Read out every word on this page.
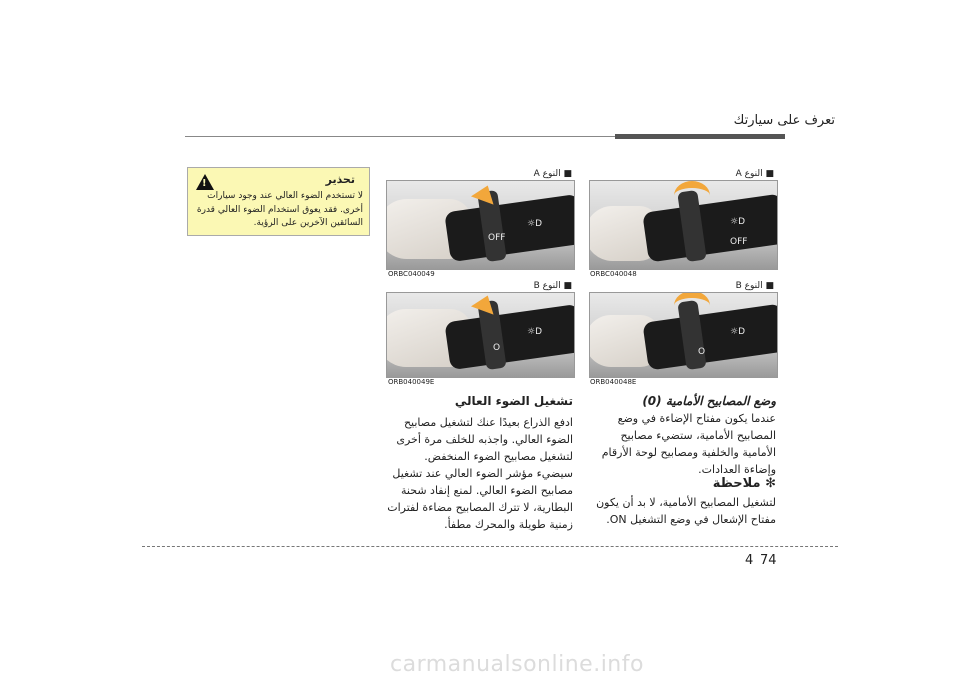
تعرف على سيارتك
!	تحذير
لا تستخدم الضوء العالي عند وجود سيارات أخرى. فقد يعوق استخدام الضوء العالي قدرة السائقين الآخرين على الرؤية.
■ النوع A
☼D
OFF
ORBC040049
■ النوع A
☼D
OFF
ORBC040048
■ النوع B
☼D
O
ORB040049E
■ النوع B
☼D
O
ORB040048E
تشغيل الضوء العالي
ادفع الذراع بعيدًا عنك لتشغيل مصابيح الضوء العالي. واجذبه للخلف مرة أخرى لتشغيل مصابيح الضوء المنخفض. سيضيء مؤشر الضوء العالي عند تشغيل مصابيح الضوء العالي. لمنع إنفاد شحنة البطارية، لا تترك المصابيح مضاءة لفترات زمنية طويلة والمحرك مطفأ.
وضع المصابيح الأمامية (0)
عندما يكون مفتاح الإضاءة في وضع المصابيح الأمامية، ستضيء مصابيح الأمامية والخلفية ومصابيح لوحة الأرقام وإضاءة العدادات.
✻ ملاحظة
لتشغيل المصابيح الأمامية، لا بد أن يكون مفتاح الإشعال في وضع التشغيل ON.
4 74
carmanualsonline.info
